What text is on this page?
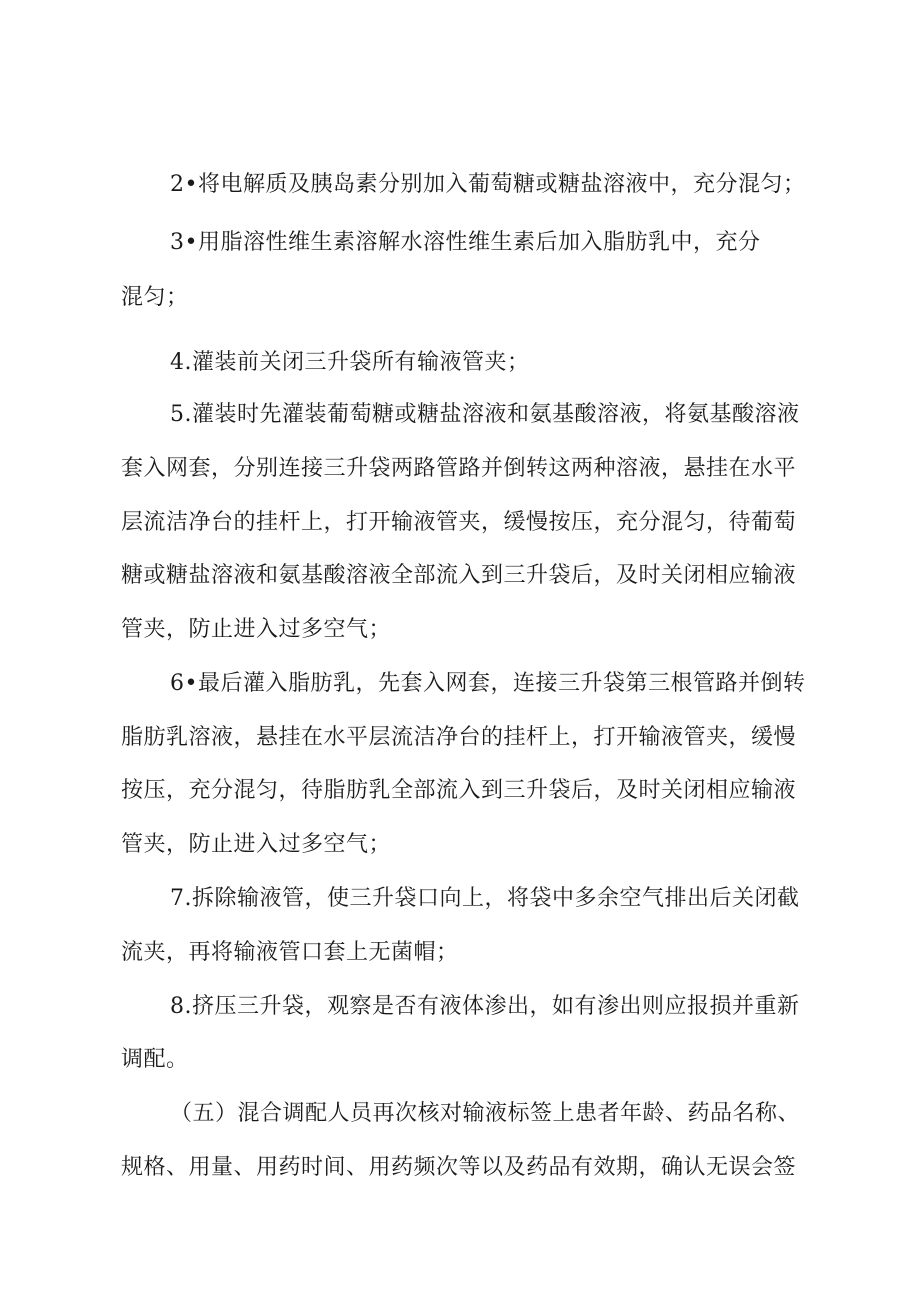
2•将电解质及胰岛素分别加入葡萄糖或糖盐溶液中，充分混匀；
3•用脂溶性维生素溶解水溶性维生素后加入脂肪乳中，充分
混匀；
4.灌装前关闭三升袋所有输液管夹；
5.灌装时先灌装葡萄糖或糖盐溶液和氨基酸溶液，将氨基酸溶液
套入网套，分别连接三升袋两路管路并倒转这两种溶液，悬挂在水平
层流洁净台的挂杆上，打开输液管夹，缓慢按压，充分混匀，待葡萄
糖或糖盐溶液和氨基酸溶液全部流入到三升袋后，及时关闭相应输液
管夹，防止进入过多空气；
6•最后灌入脂肪乳，先套入网套，连接三升袋第三根管路并倒转
脂肪乳溶液，悬挂在水平层流洁净台的挂杆上，打开输液管夹，缓慢
按压，充分混匀，待脂肪乳全部流入到三升袋后，及时关闭相应输液
管夹，防止进入过多空气；
7.拆除输液管，使三升袋口向上，将袋中多余空气排出后关闭截
流夹，再将输液管口套上无菌帽；
8.挤压三升袋，观察是否有液体渗出，如有渗出则应报损并重新
调配。
（五）混合调配人员再次核对输液标签上患者年龄、药品名称、
规格、用量、用药时间、用药频次等以及药品有效期，确认无误会签
